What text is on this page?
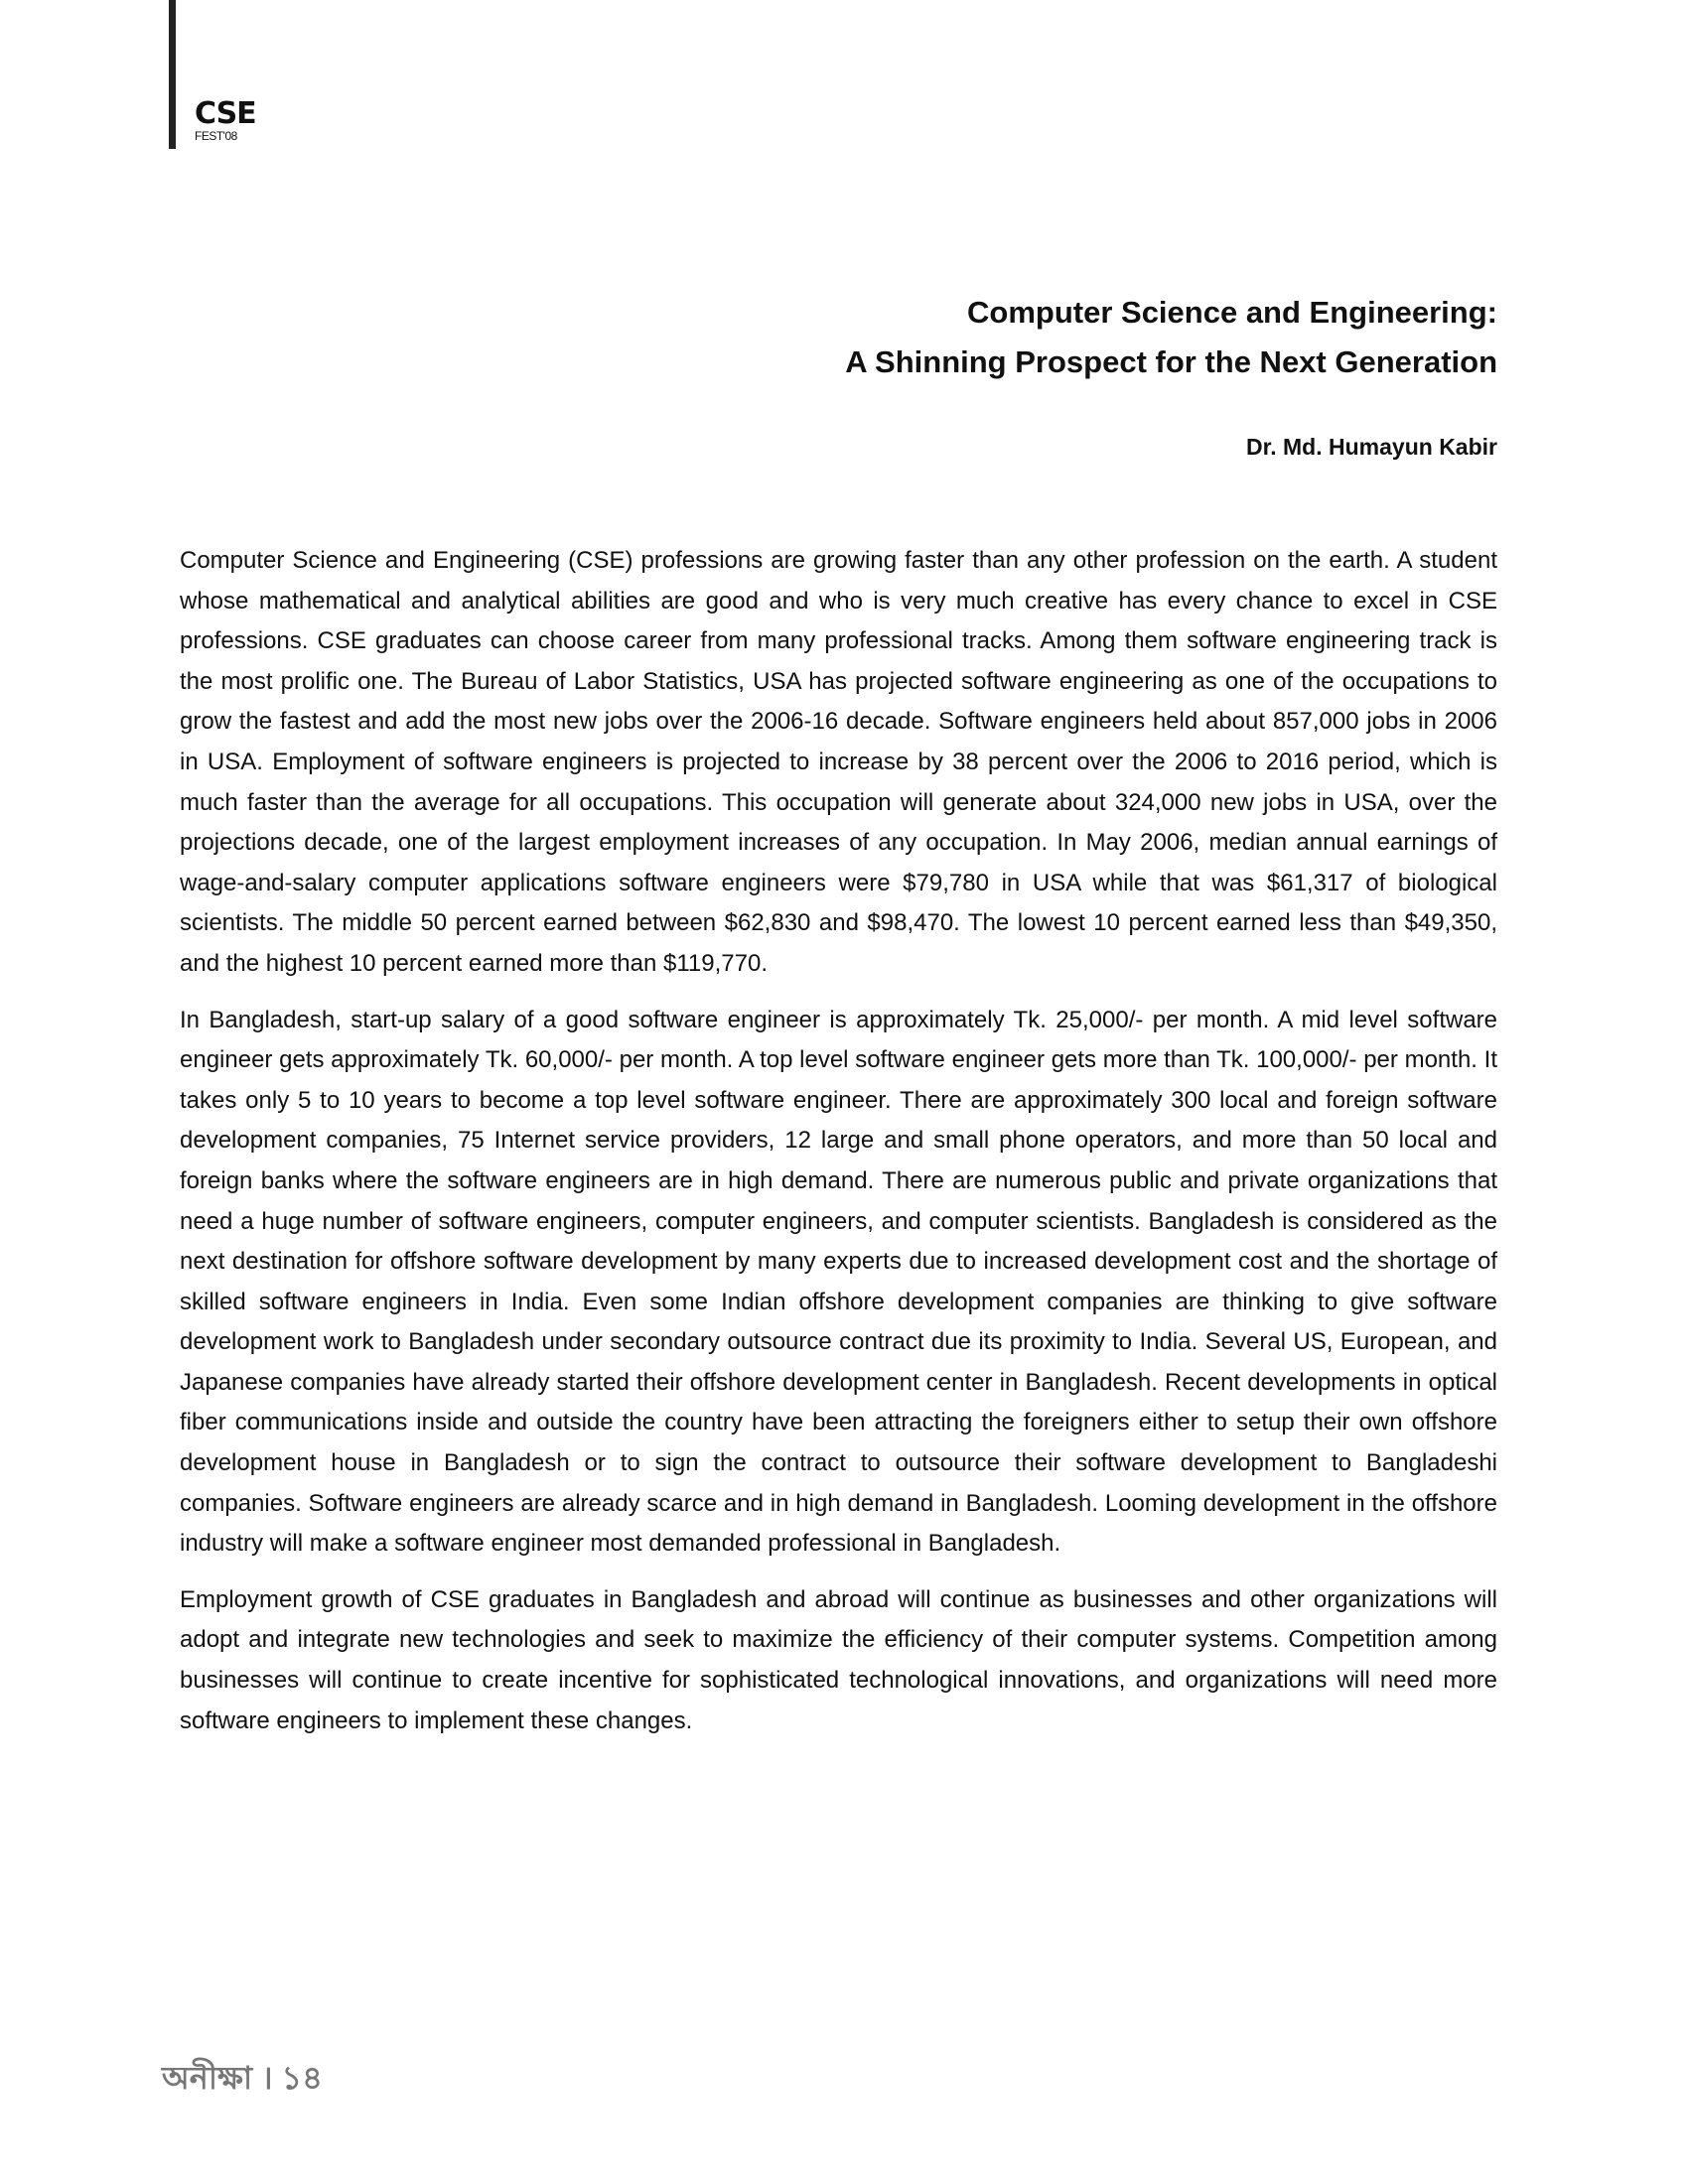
CSE
FEST'08
Computer Science and Engineering:
A Shinning Prospect for the Next Generation
Dr. Md. Humayun Kabir

Computer Science and Engineering (CSE) professions are growing faster than any other profession on the earth. A student whose mathematical and analytical abilities are good and who is very much creative has every chance to excel in CSE professions. CSE graduates can choose career from many professional tracks. Among them software engineering track is the most prolific one. The Bureau of Labor Statistics, USA has projected software engineering as one of the occupations to grow the fastest and add the most new jobs over the 2006-16 decade. Software engineers held about 857,000 jobs in 2006 in USA. Employment of software engineers is projected to increase by 38 percent over the 2006 to 2016 period, which is much faster than the average for all occupations. This occupation will generate about 324,000 new jobs in USA, over the projections decade, one of the largest employment increases of any occupation. In May 2006, median annual earnings of wage-and-salary computer applications software engineers were $79,780 in USA while that was $61,317 of biological scientists. The middle 50 percent earned between $62,830 and $98,470. The lowest 10 percent earned less than $49,350, and the highest 10 percent earned more than $119,770.

In Bangladesh, start-up salary of a good software engineer is approximately Tk. 25,000/- per month. A mid level software engineer gets approximately Tk. 60,000/- per month. A top level software engineer gets more than Tk. 100,000/- per month. It takes only 5 to 10 years to become a top level software engineer. There are approximately 300 local and foreign software development companies, 75 Internet service providers, 12 large and small phone operators, and more than 50 local and foreign banks where the software engineers are in high demand. There are numerous public and private organizations that need a huge number of software engineers, computer engineers, and computer scientists. Bangladesh is considered as the next destination for offshore software development by many experts due to increased development cost and the shortage of skilled software engineers in India. Even some Indian offshore development companies are thinking to give software development work to Bangladesh under secondary outsource contract due its proximity to India. Several US, European, and Japanese companies have already started their offshore development center in Bangladesh. Recent developments in optical fiber communications inside and outside the country have been attracting the foreigners either to setup their own offshore development house in Bangladesh or to sign the contract to outsource their software development to Bangladeshi companies. Software engineers are already scarce and in high demand in Bangladesh. Looming development in the offshore industry will make a software engineer most demanded professional in Bangladesh.

Employment growth of CSE graduates in Bangladesh and abroad will continue as businesses and other organizations will adopt and integrate new technologies and seek to maximize the efficiency of their computer systems. Competition among businesses will continue to create incentive for sophisticated technological innovations, and organizations will need more software engineers to implement these changes.

অনীক্ষা । ১৪
